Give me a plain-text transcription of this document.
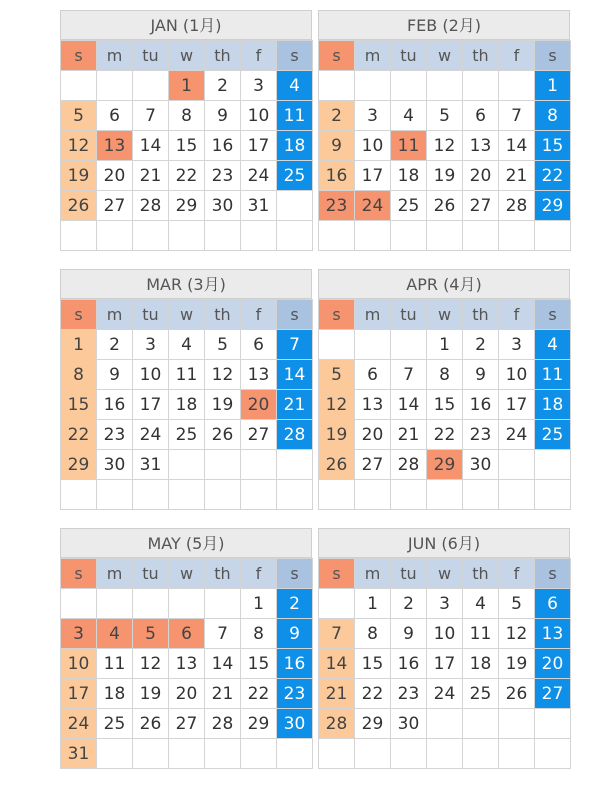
JAN (1月)
s	m	tu	w	th	f	s
			1	2	3	4
5	6	7	8	9	10	11
12	13	14	15	16	17	18
19	20	21	22	23	24	25
26	27	28	29	30	31	

FEB (2月)
s	m	tu	w	th	f	s
						1
2	3	4	5	6	7	8
9	10	11	12	13	14	15
16	17	18	19	20	21	22
23	24	25	26	27	28	29

MAR (3月)
s	m	tu	w	th	f	s
1	2	3	4	5	6	7
8	9	10	11	12	13	14
15	16	17	18	19	20	21
22	23	24	25	26	27	28
29	30	31				

APR (4月)
s	m	tu	w	th	f	s
			1	2	3	4
5	6	7	8	9	10	11
12	13	14	15	16	17	18
19	20	21	22	23	24	25
26	27	28	29	30		

MAY (5月)
s	m	tu	w	th	f	s
					1	2
3	4	5	6	7	8	9
10	11	12	13	14	15	16
17	18	19	20	21	22	23
24	25	26	27	28	29	30
31						
JUN (6月)
s	m	tu	w	th	f	s
	1	2	3	4	5	6
7	8	9	10	11	12	13
14	15	16	17	18	19	20
21	22	23	24	25	26	27
28	29	30				
